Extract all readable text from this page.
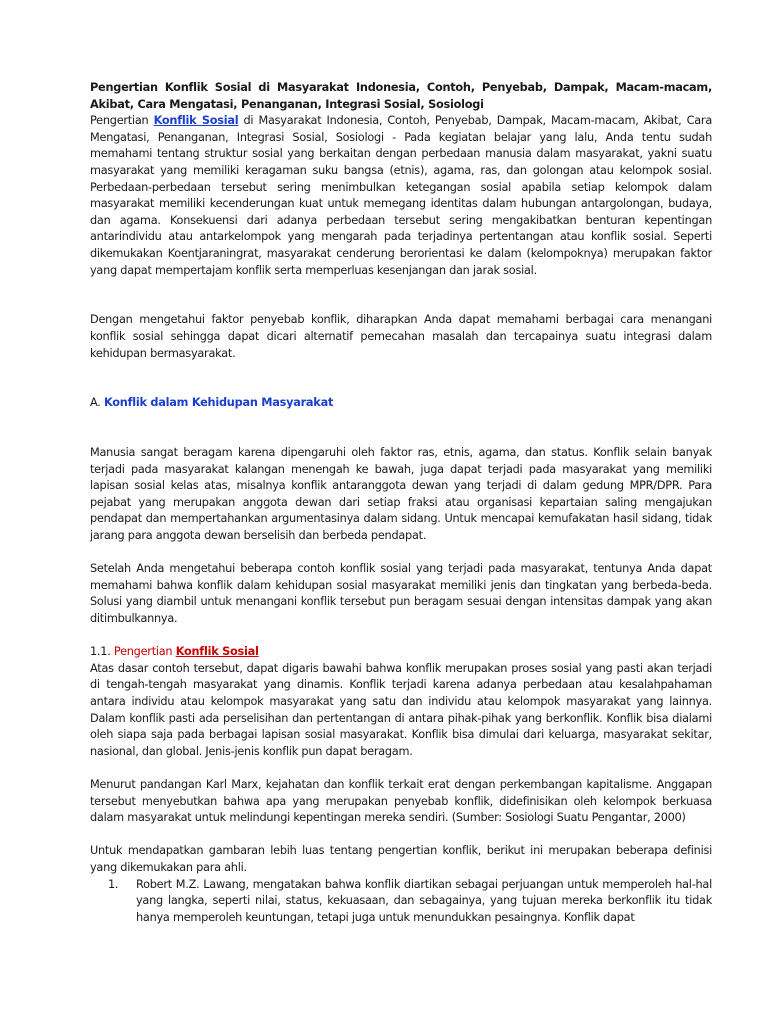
Pengertian Konflik Sosial di Masyarakat Indonesia, Contoh, Penyebab, Dampak, Macam-macam, Akibat, Cara Mengatasi, Penanganan, Integrasi Sosial, Sosiologi

Pengertian Konflik Sosial di Masyarakat Indonesia, Contoh, Penyebab, Dampak, Macam-macam, Akibat, Cara Mengatasi, Penanganan, Integrasi Sosial, Sosiologi - Pada kegiatan belajar yang lalu, Anda tentu sudah memahami tentang struktur sosial yang berkaitan dengan perbedaan manusia dalam masyarakat, yakni suatu masyarakat yang memiliki keragaman suku bangsa (etnis), agama, ras, dan golongan atau kelompok sosial. Perbedaan-perbedaan tersebut sering menimbulkan ketegangan sosial apabila setiap kelompok dalam masyarakat memiliki kecenderungan kuat untuk memegang identitas dalam hubungan antargolongan, budaya, dan agama. Konsekuensi dari adanya perbedaan tersebut sering mengakibatkan benturan kepentingan antarindividu atau antarkelompok yang mengarah pada terjadinya pertentangan atau konflik sosial. Seperti dikemukakan Koentjaraningrat, masyarakat cenderung berorientasi ke dalam (kelompoknya) merupakan faktor yang dapat mempertajam konflik serta memperluas kesenjangan dan jarak sosial.

Dengan mengetahui faktor penyebab konflik, diharapkan Anda dapat memahami berbagai cara menangani konflik sosial sehingga dapat dicari alternatif pemecahan masalah dan tercapainya suatu integrasi dalam kehidupan bermasyarakat.

A. Konflik dalam Kehidupan Masyarakat

Manusia sangat beragam karena dipengaruhi oleh faktor ras, etnis, agama, dan status. Konflik selain banyak terjadi pada masyarakat kalangan menengah ke bawah, juga dapat terjadi pada masyarakat yang memiliki lapisan sosial kelas atas, misalnya konflik antaranggota dewan yang terjadi di dalam gedung MPR/DPR. Para pejabat yang merupakan anggota dewan dari setiap fraksi atau organisasi kepartaian saling mengajukan pendapat dan mempertahankan argumentasinya dalam sidang. Untuk mencapai kemufakatan hasil sidang, tidak jarang para anggota dewan berselisih dan berbeda pendapat.

Setelah Anda mengetahui beberapa contoh konflik sosial yang terjadi pada masyarakat, tentunya Anda dapat memahami bahwa konflik dalam kehidupan sosial masyarakat memiliki jenis dan tingkatan yang berbeda-beda. Solusi yang diambil untuk menangani konflik tersebut pun beragam sesuai dengan intensitas dampak yang akan ditimbulkannya.

1.1. Pengertian Konflik Sosial

Atas dasar contoh tersebut, dapat digaris bawahi bahwa konflik merupakan proses sosial yang pasti akan terjadi di tengah-tengah masyarakat yang dinamis. Konflik terjadi karena adanya perbedaan atau kesalahpahaman antara individu atau kelompok masyarakat yang satu dan individu atau kelompok masyarakat yang lainnya. Dalam konflik pasti ada perselisihan dan pertentangan di antara pihak-pihak yang berkonflik. Konflik bisa dialami oleh siapa saja pada berbagai lapisan sosial masyarakat. Konflik bisa dimulai dari keluarga, masyarakat sekitar, nasional, dan global. Jenis-jenis konflik pun dapat beragam.

Menurut pandangan Karl Marx, kejahatan dan konflik terkait erat dengan perkembangan kapitalisme. Anggapan tersebut menyebutkan bahwa apa yang merupakan penyebab konflik, didefinisikan oleh kelompok berkuasa dalam masyarakat untuk melindungi kepentingan mereka sendiri. (Sumber: Sosiologi Suatu Pengantar, 2000)

Untuk mendapatkan gambaran lebih luas tentang pengertian konflik, berikut ini merupakan beberapa definisi yang dikemukakan para ahli.

1.	Robert M.Z. Lawang, mengatakan bahwa konflik diartikan sebagai perjuangan untuk memperoleh hal-hal yang langka, seperti nilai, status, kekuasaan, dan sebagainya, yang tujuan mereka berkonflik itu tidak hanya memperoleh keuntungan, tetapi juga untuk menundukkan pesaingnya. Konflik dapat
